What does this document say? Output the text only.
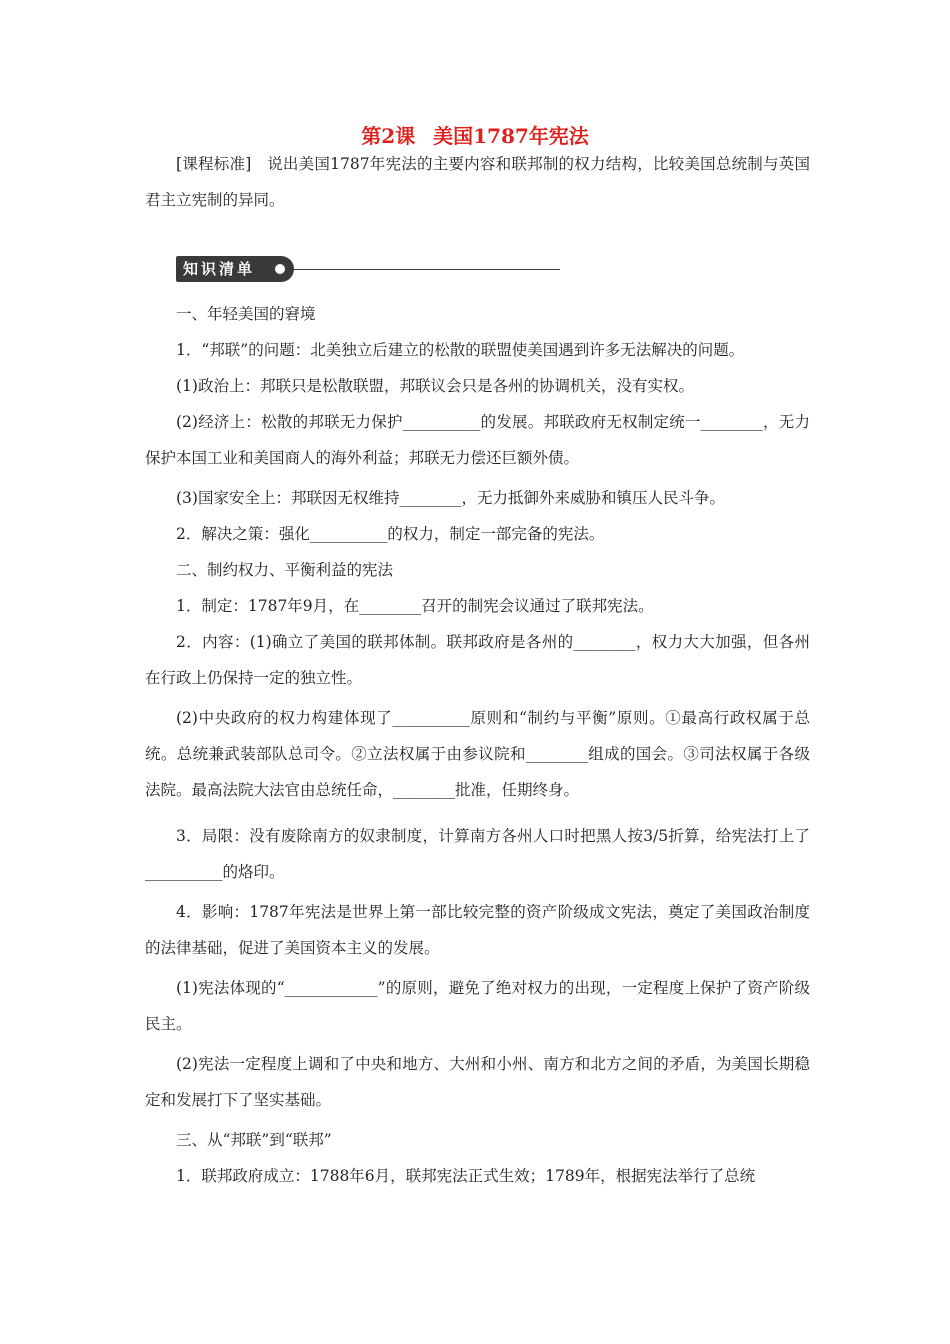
第2课 美国1787年宪法

[课程标准]　说出美国1787年宪法的主要内容和联邦制的权力结构，比较美国总统制与英国君主立宪制的异同。

知识清单

一、年轻美国的窘境

1．“邦联”的问题：北美独立后建立的松散的联盟使美国遇到许多无法解决的问题。

(1)政治上：邦联只是松散联盟，邦联议会只是各州的协调机关，没有实权。

(2)经济上：松散的邦联无力保护__________的发展。邦联政府无权制定统一________，无力保护本国工业和美国商人的海外利益；邦联无力偿还巨额外债。

(3)国家安全上：邦联因无权维持________，无力抵御外来威胁和镇压人民斗争。

2．解决之策：强化__________的权力，制定一部完备的宪法。

二、制约权力、平衡利益的宪法

1．制定：1787年9月，在________召开的制宪会议通过了联邦宪法。

2．内容：(1)确立了美国的联邦体制。联邦政府是各州的________，权力大大加强，但各州在行政上仍保持一定的独立性。

(2)中央政府的权力构建体现了__________原则和“制约与平衡”原则。①最高行政权属于总统。总统兼武装部队总司令。②立法权属于由参议院和________组成的国会。③司法权属于各级法院。最高法院大法官由总统任命，________批准，任期终身。

3．局限：没有废除南方的奴隶制度，计算南方各州人口时把黑人按3/5折算，给宪法打上了__________的烙印。

4．影响：1787年宪法是世界上第一部比较完整的资产阶级成文宪法，奠定了美国政治制度的法律基础，促进了美国资本主义的发展。

(1)宪法体现的“____________”的原则，避免了绝对权力的出现，一定程度上保护了资产阶级民主。

(2)宪法一定程度上调和了中央和地方、大州和小州、南方和北方之间的矛盾，为美国长期稳定和发展打下了坚实基础。

三、从“邦联”到“联邦”

1．联邦政府成立：1788年6月，联邦宪法正式生效；1789年，根据宪法举行了总统
